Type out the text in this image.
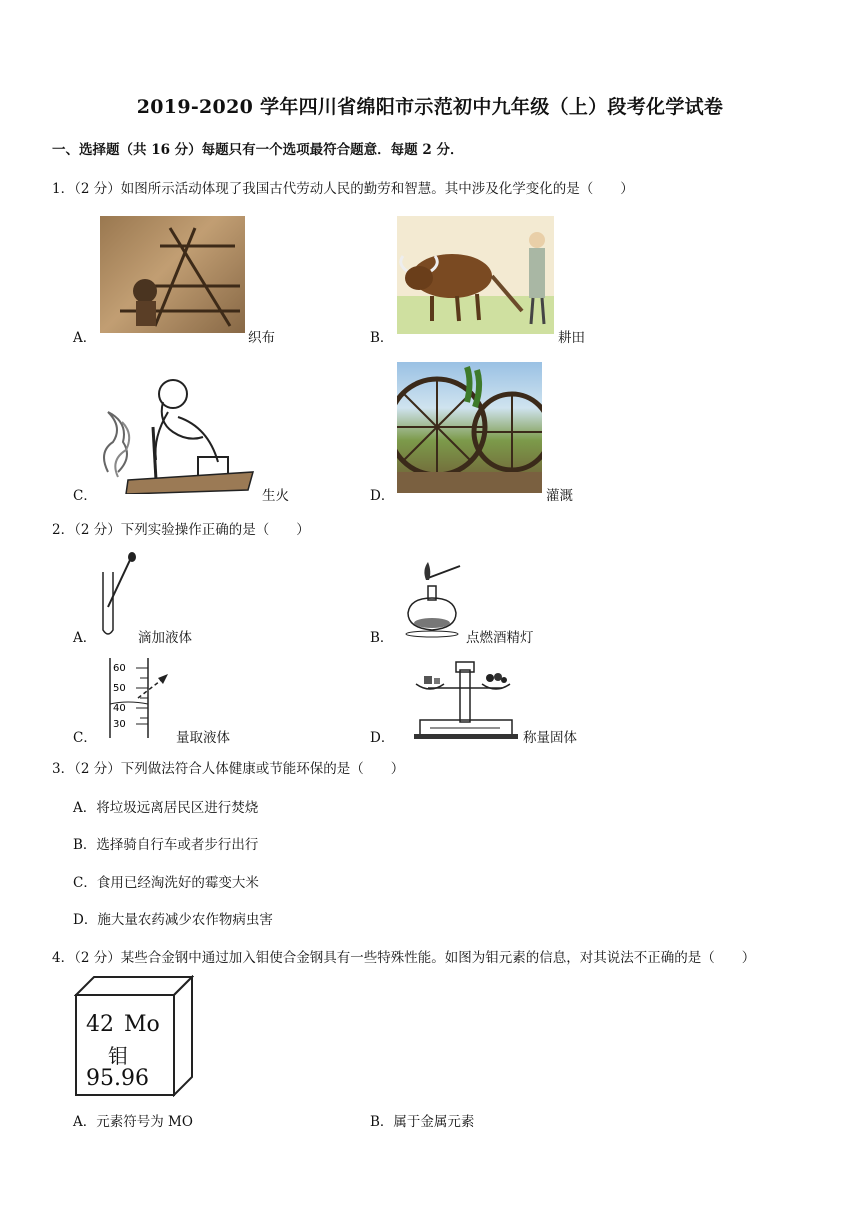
2019-2020 学年四川省绵阳市示范初中九年级（上）段考化学试卷
一、选择题（共 16 分）每题只有一个选项最符合题意．每题 2 分．
1．（2 分）如图所示活动体现了我国古代劳动人民的勤劳和智慧。其中涉及化学变化的是（　　）
A．	织布	B．	耕田
C．	生火	D．	灌溉
2．（2 分）下列实验操作正确的是（　　）
A．	滴加液体	B．	点燃酒精灯
C．
60
50
40
30
量取液体	D．	称量固体
3．（2 分）下列做法符合人体健康或节能环保的是（　　）
A．将垃圾远离居民区进行焚烧
B．选择骑自行车或者步行出行
C．食用已经淘洗好的霉变大米
D．施大量农药减少农作物病虫害
4．（2 分）某些合金钢中通过加入钼使合金钢具有一些特殊性能。如图为钼元素的信息，对其说法不正确的是（　　）
42 Mo
钼
95.96
A．元素符号为 MO	B．属于金属元素
